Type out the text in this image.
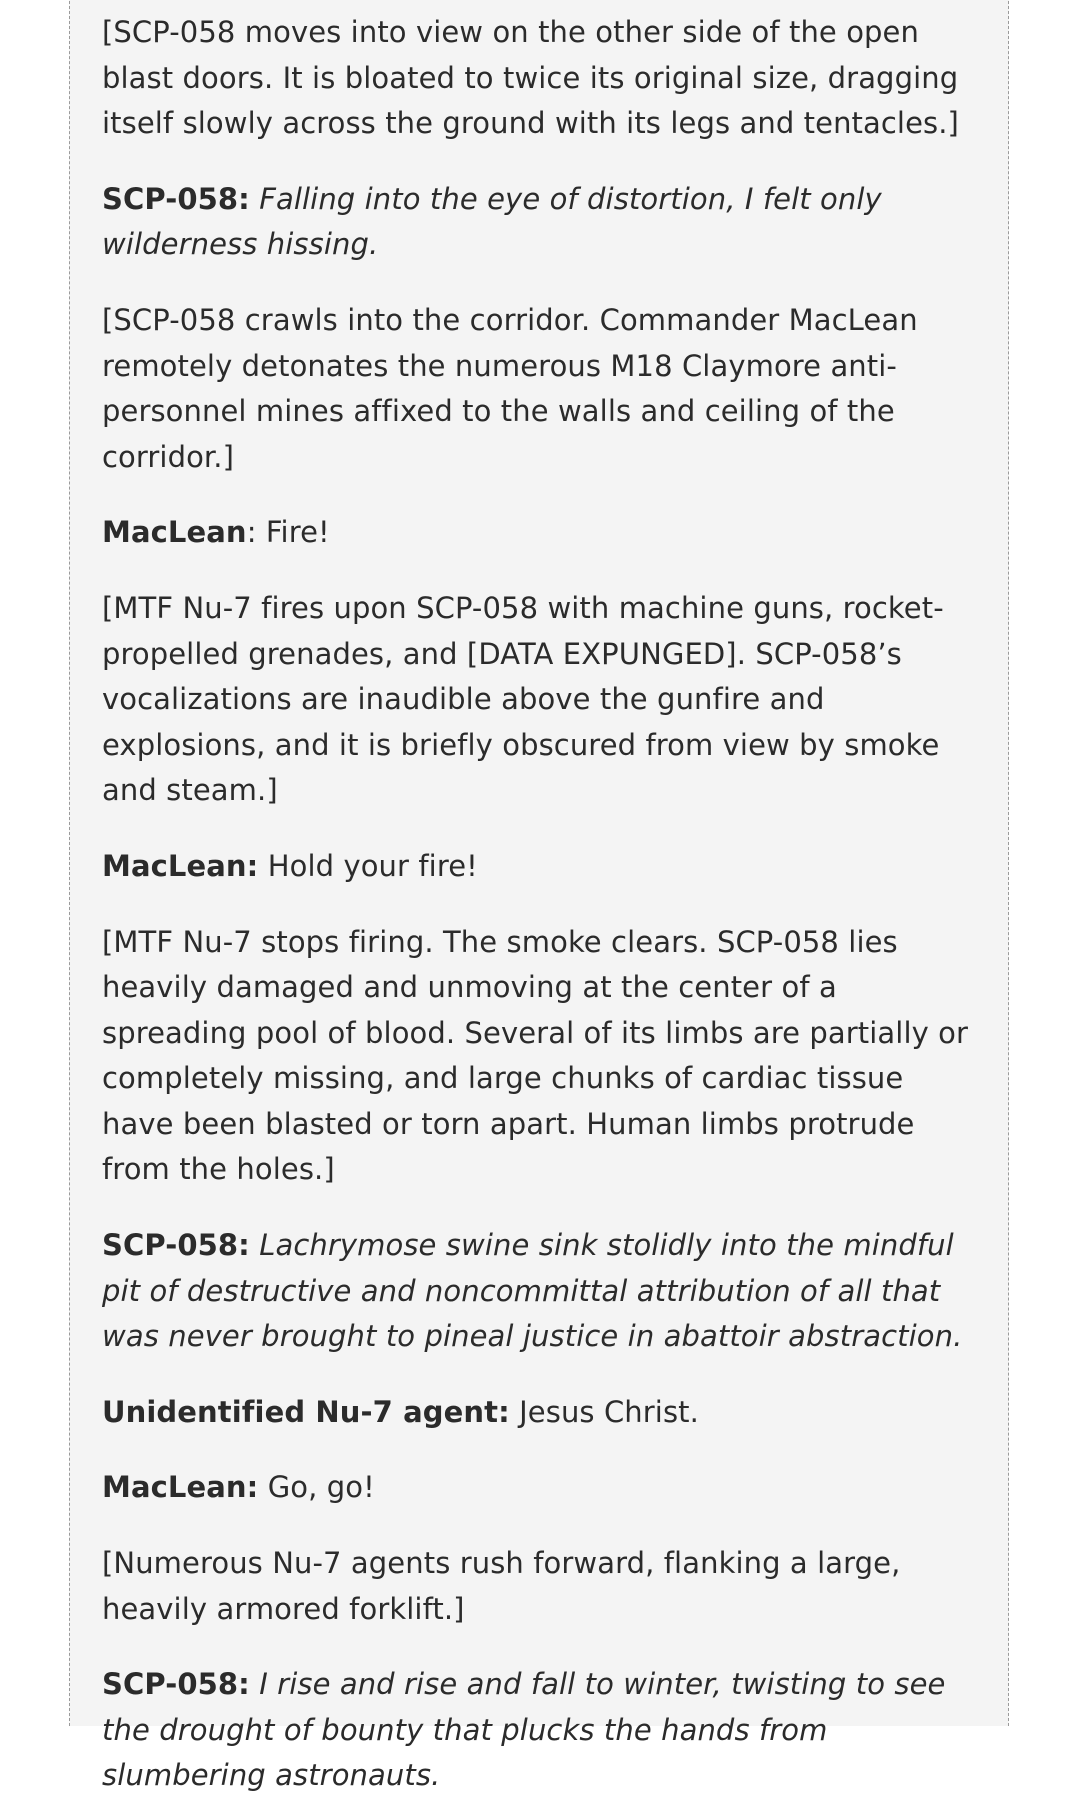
[SCP-058 moves into view on the other side of the open blast doors. It is bloated to twice its original size, dragging itself slowly across the ground with its legs and tentacles.]

SCP-058: Falling into the eye of distortion, I felt only wilderness hissing.

[SCP-058 crawls into the corridor. Commander MacLean remotely detonates the numerous M18 Claymore anti-personnel mines affixed to the walls and ceiling of the corridor.]

MacLean: Fire!

[MTF Nu-7 fires upon SCP-058 with machine guns, rocket-propelled grenades, and [DATA EXPUNGED]. SCP-058’s vocalizations are inaudible above the gunfire and explosions, and it is briefly obscured from view by smoke and steam.]

MacLean: Hold your fire!

[MTF Nu-7 stops firing. The smoke clears. SCP-058 lies heavily damaged and unmoving at the center of a spreading pool of blood. Several of its limbs are partially or completely missing, and large chunks of cardiac tissue have been blasted or torn apart. Human limbs protrude from the holes.]

SCP-058: Lachrymose swine sink stolidly into the mindful pit of destructive and noncommittal attribution of all that was never brought to pineal justice in abattoir abstraction.

Unidentified Nu-7 agent: Jesus Christ.

MacLean: Go, go!

[Numerous Nu-7 agents rush forward, flanking a large, heavily armored forklift.]

SCP-058: I rise and rise and fall to winter, twisting to see the drought of bounty that plucks the hands from slumbering astronauts.
